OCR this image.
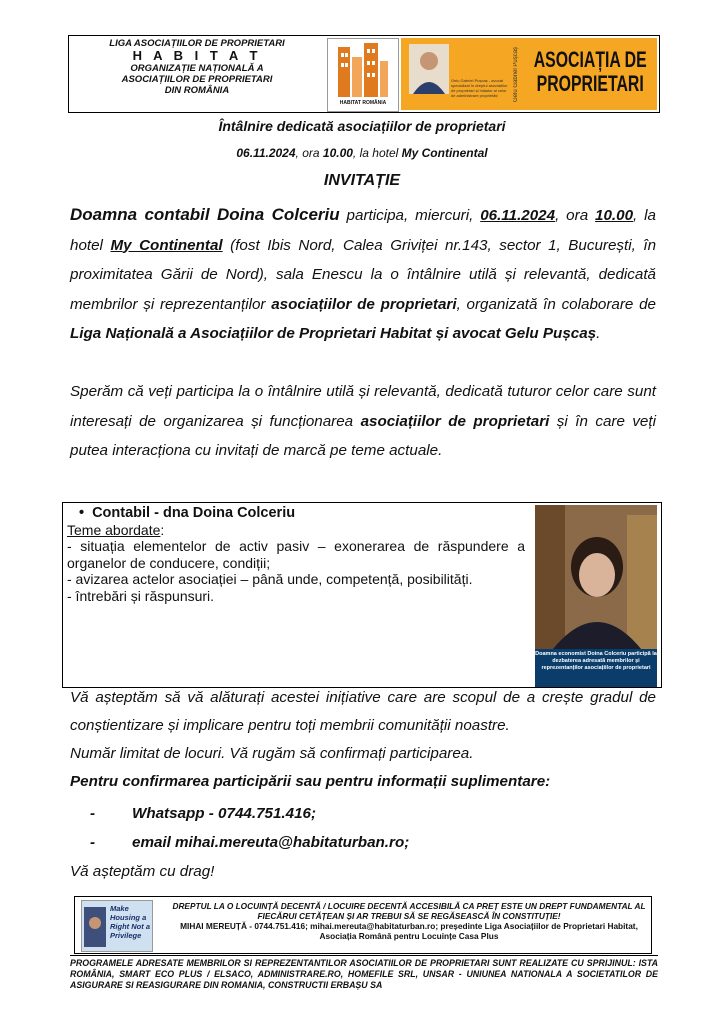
LIGA ASOCIAȚIILOR DE PROPRIETARI
H A B I T A T
ORGANIZAȚIE NAȚIONALĂ A
ASOCIAȚIILOR DE PROPRIETARI
DIN ROMÂNIA
HABITAT ROMÂNIA
Gelu Gabriel Pușcaș - avocat specializat în dreptul asociațiilor de proprietari și inițiator al celor de administrare proprietăți	Gelu Gabriel Pușcaș ASOCIAȚIA DE PROPRIETARI
Întâlnire dedicată asociațiilor de proprietari
06.11.2024, ora 10.00, la hotel My Continental
INVITAȚIE
Doamna contabil Doina Colceriu participa, miercuri, 06.11.2024, ora 10.00, la hotel My Continental (fost Ibis Nord, Calea Griviței nr.143, sector 1, București, în proximitatea Gării de Nord), sala Enescu la o întâlnire utilă și relevantă, dedicată membrilor și reprezentanților asociațiilor de proprietari, organizată în colaborare de Liga Națională a Asociațiilor de Proprietari Habitat și avocat Gelu Pușcaș.
Sperăm că veți participa la o întâlnire utilă și relevantă, dedicată tuturor celor care sunt interesați de organizarea și funcționarea asociațiilor de proprietari și în care veți putea interacționa cu invitați de marcă pe teme actuale.
• Contabil - dna Doina Colceriu
Teme abordate:
- situația elementelor de activ pasiv – exonerarea de răspundere a organelor de conducere, condiții;
- avizarea actelor asociației – până unde, competență, posibilități.
- întrebări și răspunsuri.
Doamna economist Doina Colceriu participă la dezbaterea adresată membrilor și reprezentanților asociațiilor de proprietari
Vă așteptăm să vă alăturați acestei inițiative care are scopul de a crește gradul de conștientizare și implicare pentru toți membrii comunității noastre.
Număr limitat de locuri. Vă rugăm să confirmați participarea.
Pentru confirmarea participării sau pentru informații suplimentare:
- Whatsapp - 0744.751.416;
- email mihai.mereuta@habitaturban.ro;
Vă așteptăm cu drag!
Make Housing a Right Not a Privilege
DREPTUL LA O LOCUINȚĂ DECENTĂ / LOCUIRE DECENTĂ ACCESIBILĂ CA PREȚ ESTE UN DREPT FUNDAMENTAL AL FIECĂRUI CETĂȚEAN ȘI AR TREBUI SĂ SE REGĂSEASCĂ ÎN CONSTITUȚIE!
MIHAI MEREUȚĂ - 0744.751.416; mihai.mereuta@habitaturban.ro; președinte Liga Asociațiilor de Proprietari Habitat, Asociația Română pentru Locuințe Casa Plus
PROGRAMELE ADRESATE MEMBRILOR SI REPREZENTANTILOR ASOCIATIILOR DE PROPRIETARI SUNT REALIZATE CU SPRIJINUL: ISTA ROMÂNIA, SMART ECO PLUS / ELSACO, ADMINISTRARE.RO, HOMEFILE SRL, UNSAR - UNIUNEA NATIONALA A SOCIETATILOR DE ASIGURARE SI REASIGURARE DIN ROMANIA, CONSTRUCTII ERBAȘU SA
